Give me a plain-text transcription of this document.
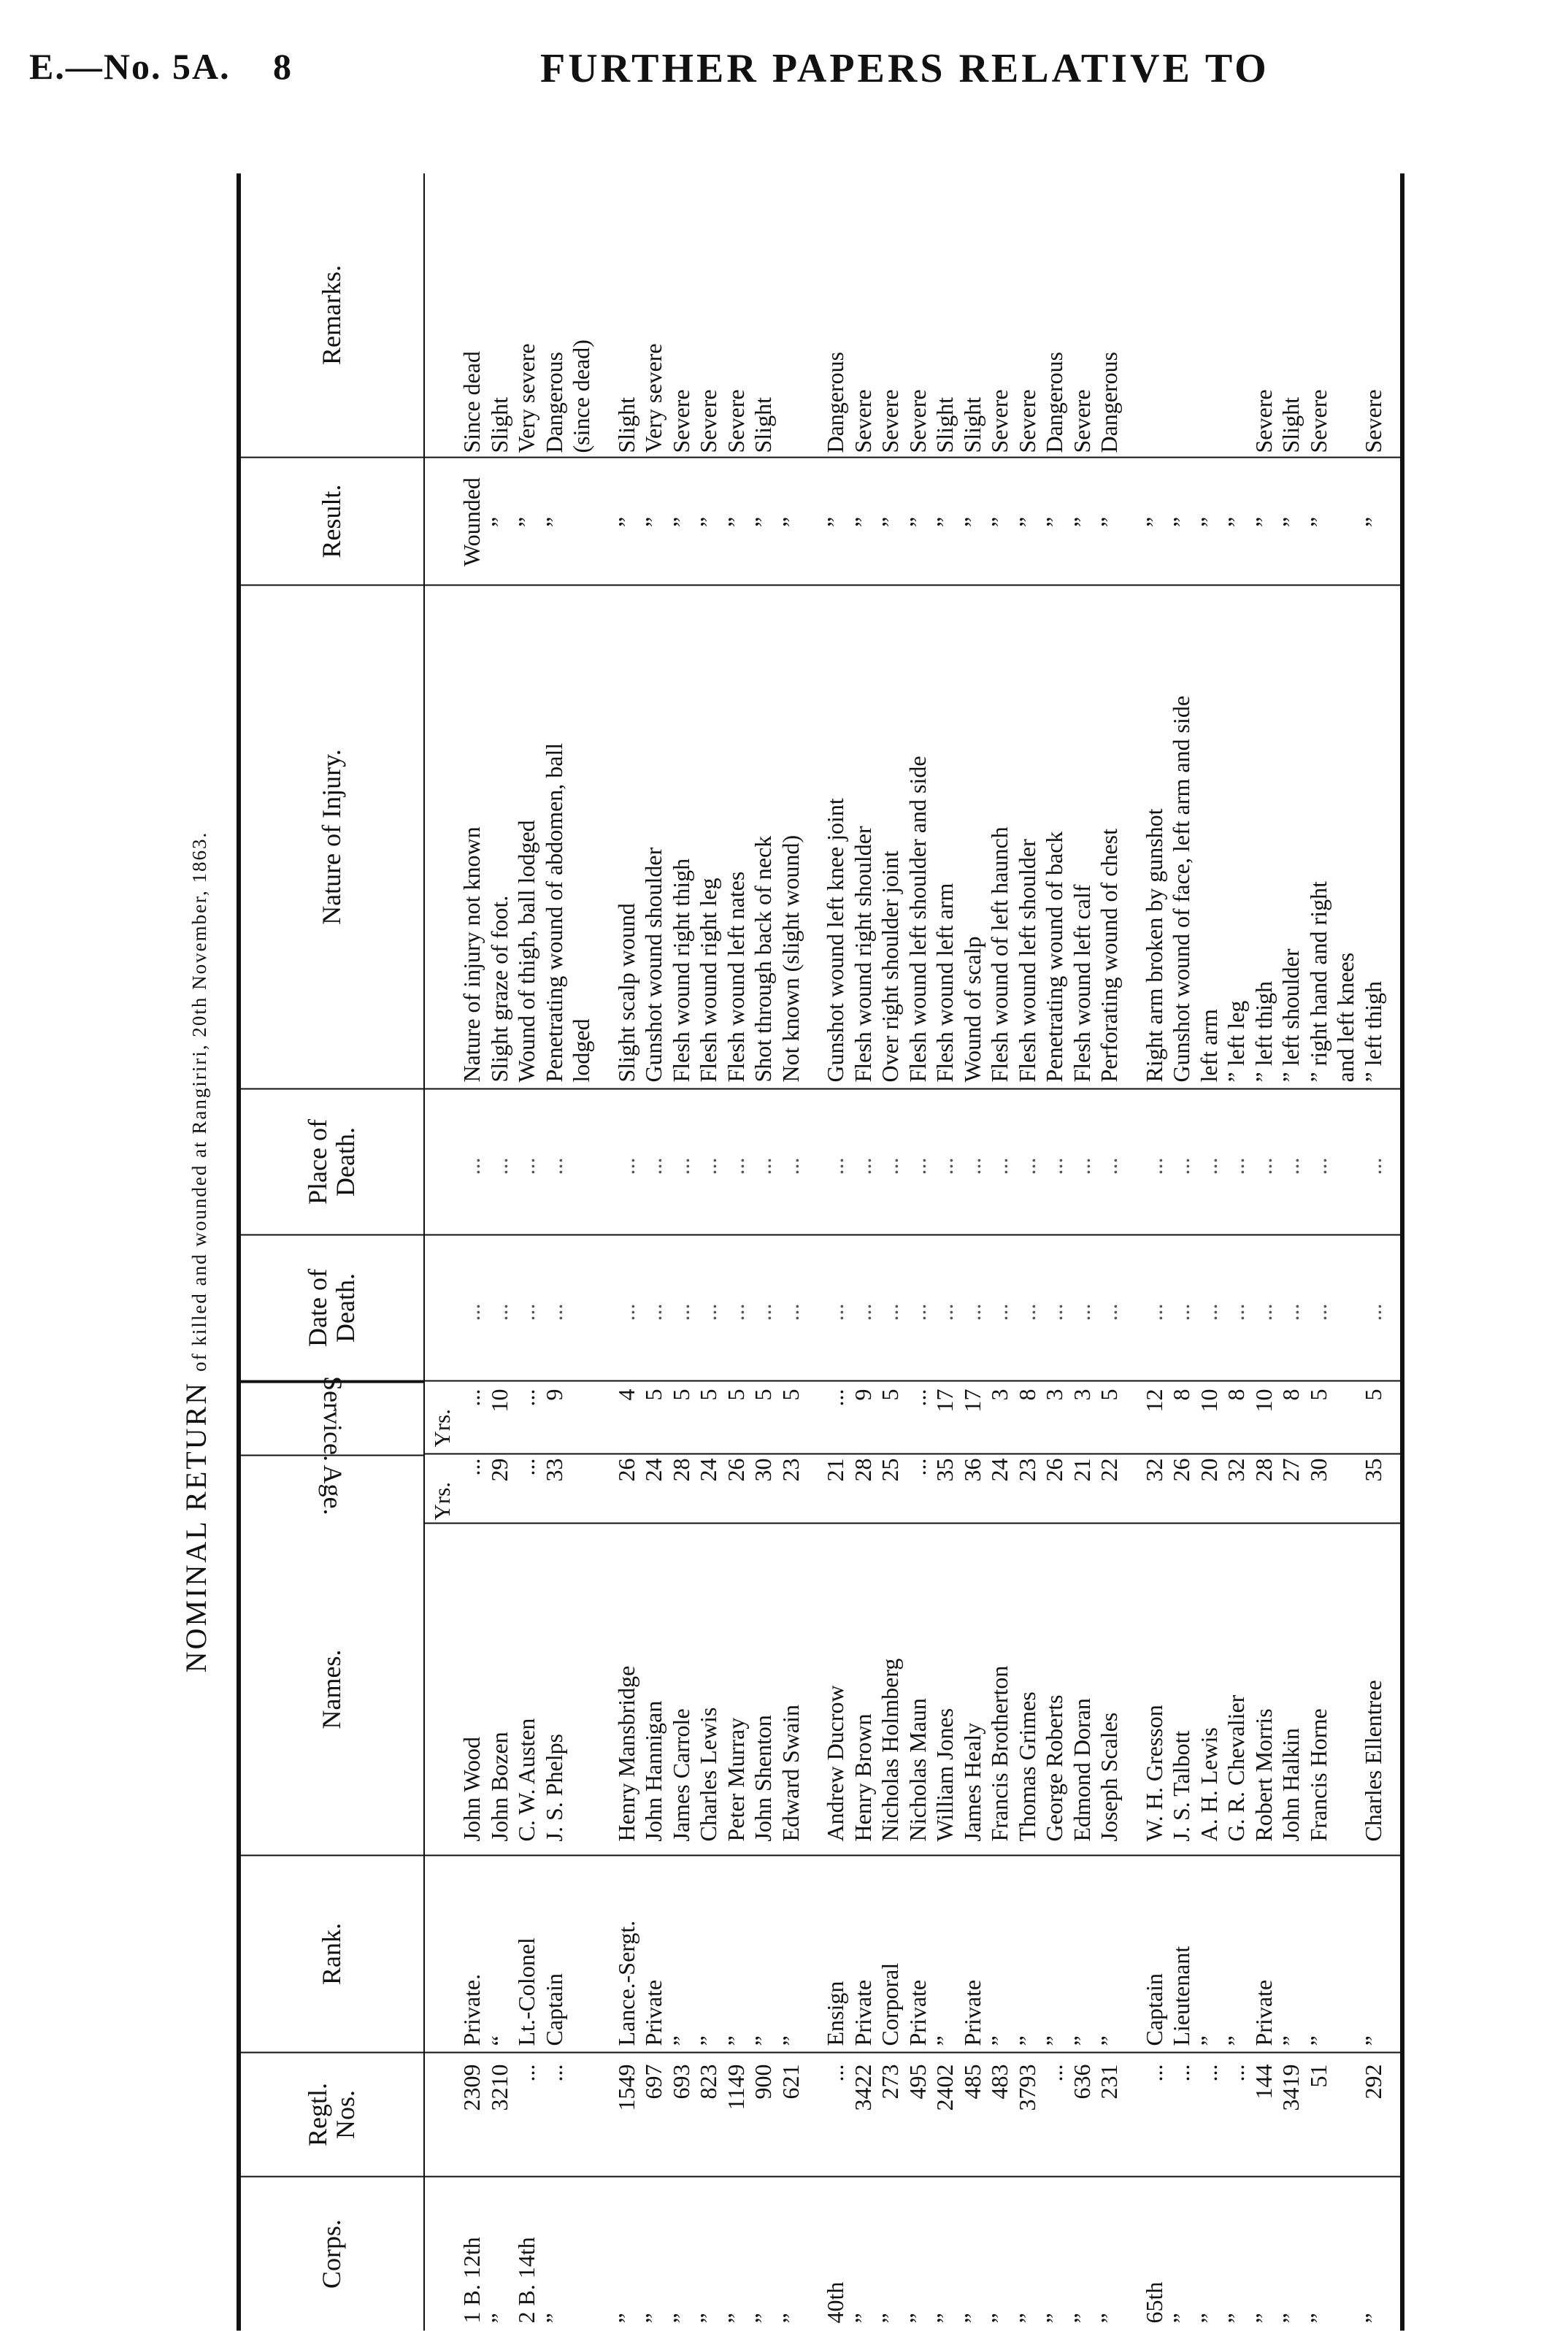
E.—No. 5A. 8	FURTHER PAPERS RELATIVE TO
NOMINAL RETURN of killed and wounded at Rangiriri, 20th November, 1863.
Corps.
Regtl. Nos.
Rank.
Names.
Age.
Service.
Date of Death.
Place of Death.
Nature of Injury.
Result.
Remarks.
Yrs.
Yrs.
1 B. 12th
2309
Private.
John Wood
...
...
...
...
Nature of injury not known
Wounded
Since dead
”
3210
“
John Bozen
29
10
...
...
Slight graze of foot.
”
Slight
2 B. 14th
...
Lt.-Colonel
C. W. Austen
...
...
...
...
Wound of thigh, ball lodged
”
Very severe
”
...
Captain
J. S. Phelps
33
9
...
...
Penetrating wound of abdomen, ball
”
Dangerous
lodged
(since dead)
”
1549
Lance.-Sergt.
Henry Mansbridge
26
4
...
...
Slight scalp wound
”
Slight
”
697
Private
John Hannigan
24
5
...
...
Gunshot wound shoulder
”
Very severe
”
693
”
James Carrole
28
5
...
...
Flesh wound right thigh
”
Severe
”
823
”
Charles Lewis
24
5
...
...
Flesh wound right leg
”
Severe
”
1149
”
Peter Murray
26
5
...
...
Flesh wound left nates
”
Severe
”
900
”
John Shenton
30
5
...
...
Shot through back of neck
”
Slight
”
621
”
Edward Swain
23
5
...
...
Not known (slight wound)
”
40th
...
Ensign
Andrew Ducrow
21
...
...
...
Gunshot wound left knee joint
”
Dangerous
”
3422
Private
Henry Brown
28
9
...
...
Flesh wound right shoulder
”
Severe
”
273
Corporal
Nicholas Holmberg
25
5
...
...
Over right shoulder joint
”
Severe
”
495
Private
Nicholas Maun
...
...
...
...
Flesh wound left shoulder and side
”
Severe
”
2402
”
William Jones
35
17
...
...
Flesh wound left arm
”
Slight
”
485
Private
James Healy
36
17
...
...
Wound of scalp
”
Slight
”
483
”
Francis Brotherton
24
3
...
...
Flesh wound of left haunch
”
Severe
”
3793
”
Thomas Grimes
23
8
...
...
Flesh wound left shoulder
”
Severe
”
...
”
George Roberts
26
3
...
...
Penetrating wound of back
”
Dangerous
”
636
”
Edmond Doran
21
3
...
...
Flesh wound left calf
”
Severe
”
231
”
Joseph Scales
22
5
...
...
Perforating wound of chest
”
Dangerous
65th
...
Captain
W. H. Gresson
32
12
...
...
Right arm broken by gunshot
”
”
...
Lieutenant
J. S. Talbott
26
8
...
...
Gunshot wound of face, left arm and side
”
”
...
”
A. H. Lewis
20
10
...
...
left arm
”
”
...
”
G. R. Chevalier
32
8
...
...
” left leg
”
”
144
Private
Robert Morris
28
10
...
...
” left thigh
”
Severe
”
3419
”
John Halkin
27
8
...
...
” left shoulder
”
Slight
”
51
”
Francis Horne
30
5
...
...
” right hand and right
”
Severe
and left knees
”
292
”
Charles Ellentree
35
5
...
...
” left thigh
”
Severe
